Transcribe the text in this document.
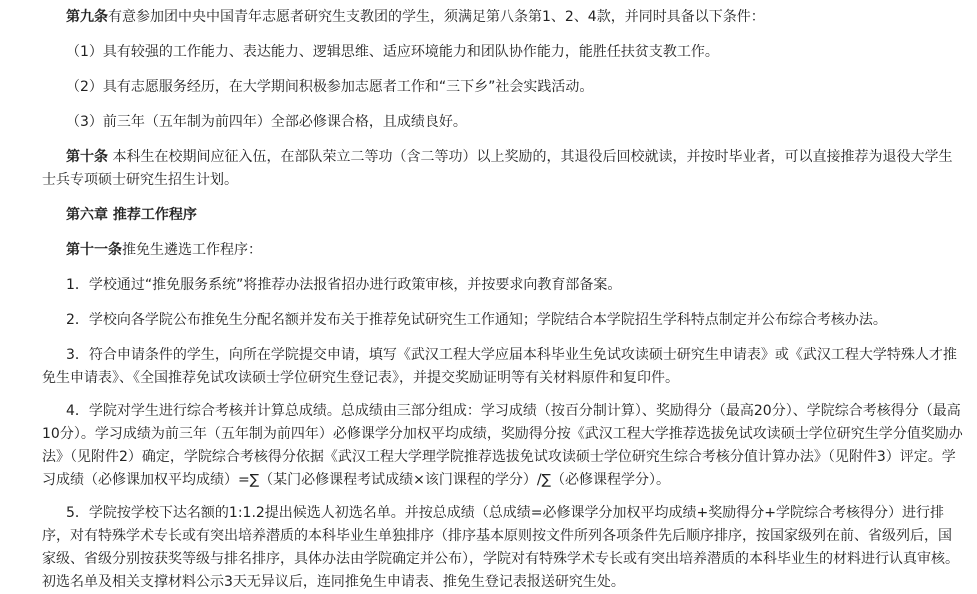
第九条有意参加团中央中国青年志愿者研究生支教团的学生，须满足第八条第1、2、4款，并同时具备以下条件：

（1）具有较强的工作能力、表达能力、逻辑思维、适应环境能力和团队协作能力，能胜任扶贫支教工作。

（2）具有志愿服务经历，在大学期间积极参加志愿者工作和“三下乡”社会实践活动。

（3）前三年（五年制为前四年）全部必修课合格，且成绩良好。

第十条 本科生在校期间应征入伍，在部队荣立二等功（含二等功）以上奖励的，其退役后回校就读，并按时毕业者，可以直接推荐为退役大学生士兵专项硕士研究生招生计划。

第六章 推荐工作程序

第十一条推免生遴选工作程序：

1．学校通过“推免服务系统”将推荐办法报省招办进行政策审核，并按要求向教育部备案。

2．学校向各学院公布推免生分配名额并发布关于推荐免试研究生工作通知；学院结合本学院招生学科特点制定并公布综合考核办法。

3．符合申请条件的学生，向所在学院提交申请，填写《武汉工程大学应届本科毕业生免试攻读硕士研究生申请表》或《武汉工程大学特殊人才推免生申请表》、《全国推荐免试攻读硕士学位研究生登记表》，并提交奖励证明等有关材料原件和复印件。

4．学院对学生进行综合考核并计算总成绩。总成绩由三部分组成：学习成绩（按百分制计算）、奖励得分（最高20分）、学院综合考核得分（最高10分）。学习成绩为前三年（五年制为前四年）必修课学分加权平均成绩，奖励得分按《武汉工程大学推荐选拔免试攻读硕士学位研究生学分值奖励办法》（见附件2）确定，学院综合考核得分依据《武汉工程大学理学院推荐选拔免试攻读硕士学位研究生综合考核分值计算办法》（见附件3）评定。学习成绩（必修课加权平均成绩）=∑（某门必修课程考试成绩×该门课程的学分）/∑（必修课程学分）。

5．学院按学校下达名额的1:1.2提出候选人初选名单。并按总成绩（总成绩=必修课学分加权平均成绩+奖励得分+学院综合考核得分）进行排序，对有特殊学术专长或有突出培养潜质的本科毕业生单独排序（排序基本原则按文件所列各项条件先后顺序排序，按国家级列在前、省级列后，国家级、省级分别按获奖等级与排名排序，具体办法由学院确定并公布），学院对有特殊学术专长或有突出培养潜质的本科毕业生的材料进行认真审核。初选名单及相关支撑材料公示3天无异议后，连同推免生申请表、推免生登记表报送研究生处。
